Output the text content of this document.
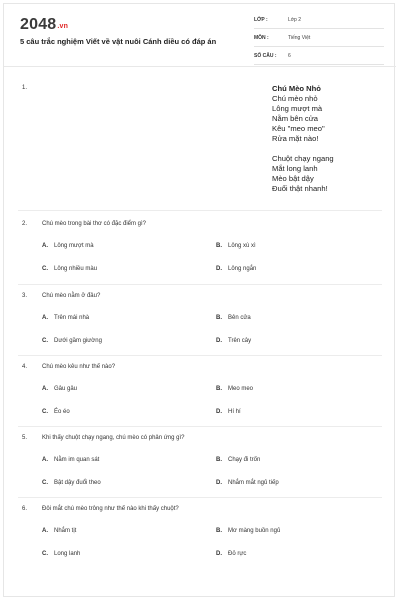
2048.vn
5 câu trắc nghiệm Viết về vật nuôi Cánh diều có đáp án
LỚP :	Lớp 2
MÔN :	Tiếng Việt
SỐ CÂU : 6
1.	Chú Mèo Nhỏ
Chú mèo nhỏ
Lông mượt mà
Nằm bên cửa
Kêu "meo meo"
Rửa mặt nào!
Chuột chạy ngang
Mắt long lanh
Mèo bật dậy
Đuổi thật nhanh!
2. Chú mèo trong bài thơ có đặc điểm gì?
A. Lông mượt mà	B. Lông xù xì
C. Lông nhiều màu	D. Lông ngắn
3. Chú mèo nằm ở đâu?
A. Trên mái nhà	B. Bên cửa
C. Dưới gầm giường	D. Trên cây
4. Chú mèo kêu như thế nào?
A. Gâu gâu	B. Meo meo
C. Éo éo	D. Hí hí
5. Khi thấy chuột chạy ngang, chú mèo có phản ứng gì?
A. Nằm im quan sát	B. Chạy đi trốn
C. Bật dậy đuổi theo	D. Nhắm mắt ngủ tiếp
6. Đôi mắt chú mèo trông như thế nào khi thấy chuột?
A. Nhắm tịt	B. Mơ màng buồn ngủ
C. Long lanh	D. Đỏ rực
